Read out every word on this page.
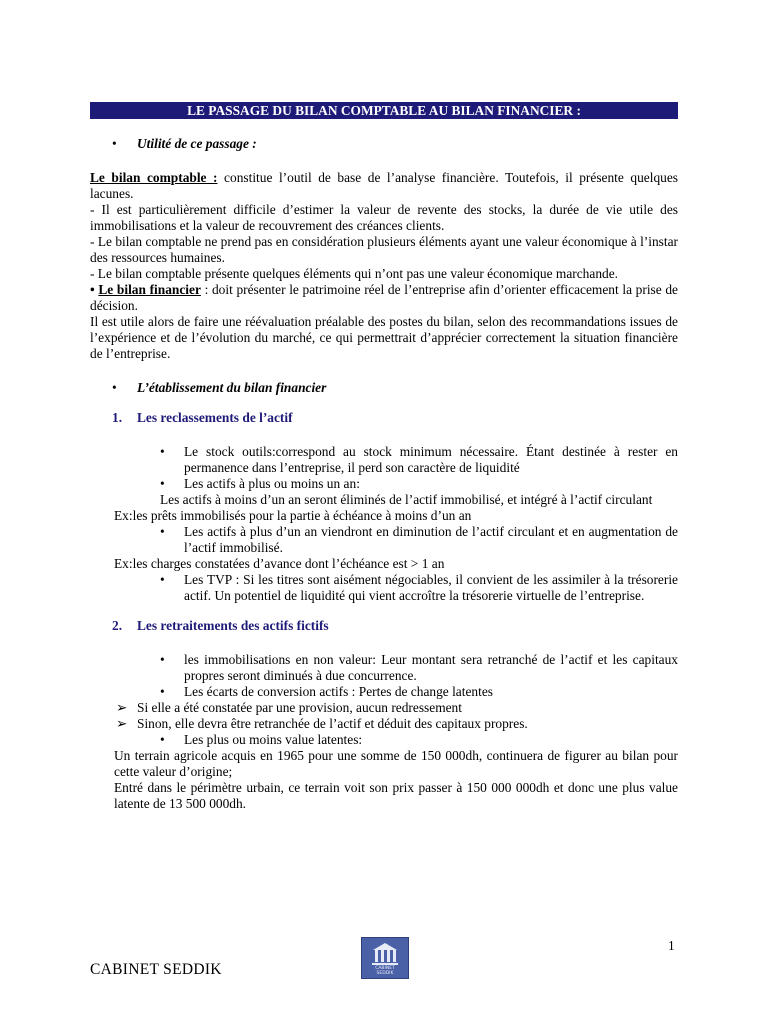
LE PASSAGE DU BILAN COMPTABLE AU BILAN FINANCIER :
• Utilité de ce passage :

Le bilan comptable : constitue l’outil de base de l’analyse financière. Toutefois, il présente quelques lacunes.

- Il est particulièrement difficile d’estimer la valeur de revente des stocks, la durée de vie utile des immobilisations et la valeur de recouvrement des créances clients.

- Le bilan comptable ne prend pas en considération plusieurs éléments ayant une valeur économique à l’instar des ressources humaines.

- Le bilan comptable présente quelques éléments qui n’ont pas une valeur économique marchande.

• Le bilan financier : doit présenter le patrimoine réel de l’entreprise afin d’orienter efficacement la prise de décision.

Il est utile alors de faire une réévaluation préalable des postes du bilan, selon des recommandations issues de l’expérience et de l’évolution du marché, ce qui permettrait d’apprécier correctement la situation financière de l’entreprise.

• L’établissement du bilan financier
1. Les reclassements de l’actif
• Le stock outils:correspond au stock minimum nécessaire. Étant destinée à rester en permanence dans l’entreprise, il perd son caractère de liquidité
• Les actifs à plus ou moins un an:
Les actifs à moins d’un an seront éliminés de l’actif immobilisé, et intégré à l’actif circulant

Ex:les prêts immobilisés pour la partie à échéance à moins d’un an

• Les actifs à plus d’un an viendront en diminution de l’actif circulant et en augmentation de l’actif immobilisé.

Ex:les charges constatées d’avance dont l’échéance est > 1 an

• Les TVP : Si les titres sont aisément négociables, il convient de les assimiler à la trésorerie actif. Un potentiel de liquidité qui vient accroître la trésorerie virtuelle de l’entreprise.
2. Les retraitements des actifs fictifs
• les immobilisations en non valeur: Leur montant sera retranché de l’actif et les capitaux propres seront diminués à due concurrence.
• Les écarts de conversion actifs : Pertes de change latentes
➢ Si elle a été constatée par une provision, aucun redressement
➢ Sinon, elle devra être retranchée de l’actif et déduit des capitaux propres.
• Les plus ou moins value latentes:

Un terrain agricole acquis en 1965 pour une somme de 150 000dh, continuera de figurer au bilan pour cette valeur d’origine;

Entré dans le périmètre urbain, ce terrain voit son prix passer à 150 000 000dh et donc une plus value latente de 13 500 000dh.

1
CABINET
SEDDIK
CABINET SEDDIK
